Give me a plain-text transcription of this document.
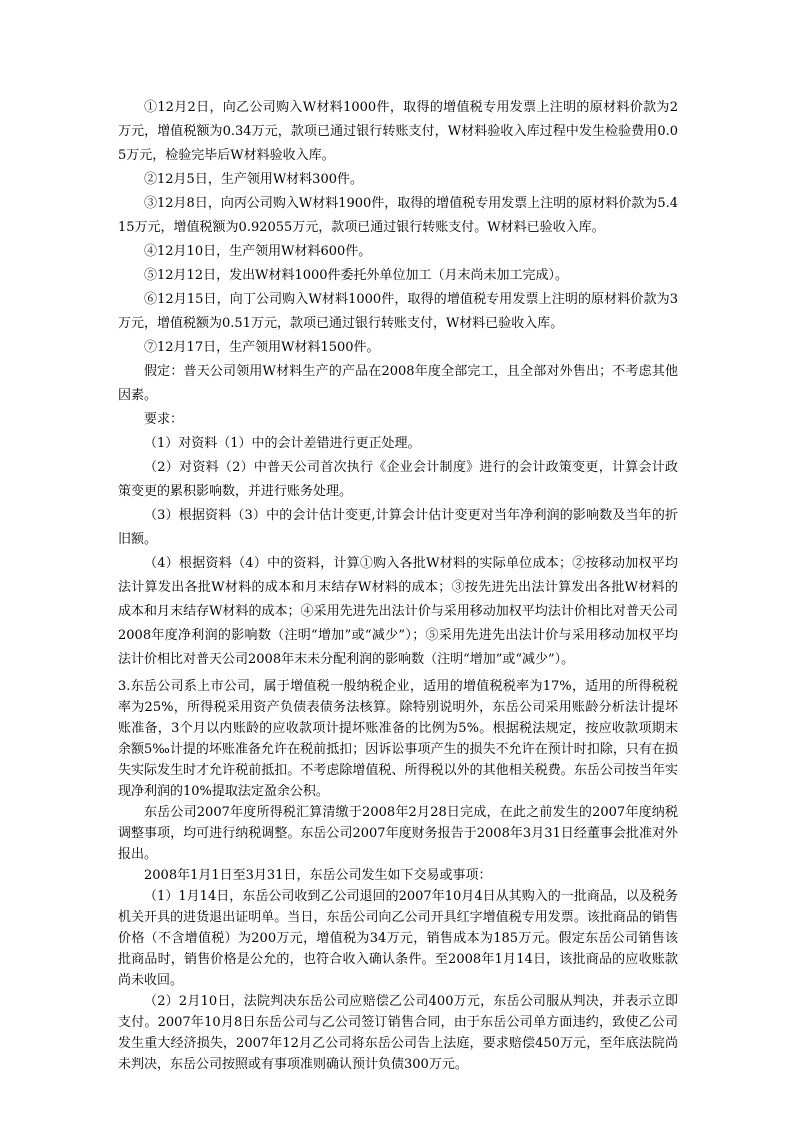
①12月2日，向乙公司购入W材料1000件，取得的增值税专用发票上注明的原材料价款为2万元，增值税额为0.34万元，款项已通过银行转账支付，W材料验收入库过程中发生检验费用0.05万元，检验完毕后W材料验收入库。

②12月5日，生产领用W材料300件。

③12月8日，向丙公司购入W材料1900件，取得的增值税专用发票上注明的原材料价款为5.415万元，增值税额为0.92055万元，款项已通过银行转账支付。W材料已验收入库。

④12月10日，生产领用W材料600件。

⑤12月12日，发出W材料1000件委托外单位加工（月末尚未加工完成）。

⑥12月15日，向丁公司购入W材料1000件，取得的增值税专用发票上注明的原材料价款为3万元，增值税额为0.51万元，款项已通过银行转账支付，W材料已验收入库。

⑦12月17日，生产领用W材料1500件。

假定：普天公司领用W材料生产的产品在2008年度全部完工，且全部对外售出；不考虑其他因素。

要求：

（1）对资料（1）中的会计差错进行更正处理。

（2）对资料（2）中普天公司首次执行《企业会计制度》进行的会计政策变更，计算会计政策变更的累积影响数，并进行账务处理。

（3）根据资料（3）中的会计估计变更,计算会计估计变更对当年净利润的影响数及当年的折旧额。

（4）根据资料（4）中的资料，计算①购入各批W材料的实际单位成本；②按移动加权平均法计算发出各批W材料的成本和月末结存W材料的成本；③按先进先出法计算发出各批W材料的成本和月末结存W材料的成本；④采用先进先出法计价与采用移动加权平均法计价相比对普天公司2008年度净利润的影响数（注明“增加”或“减少”）；⑤采用先进先出法计价与采用移动加权平均法计价相比对普天公司2008年末未分配利润的影响数（注明“增加”或“减少”）。

3.东岳公司系上市公司，属于增值税一般纳税企业，适用的增值税税率为17%，适用的所得税税率为25%，所得税采用资产负债表债务法核算。除特别说明外，东岳公司采用账龄分析法计提坏账准备，3个月以内账龄的应收款项计提坏账准备的比例为5%。根据税法规定，按应收款项期末余额5‰计提的坏账准备允许在税前抵扣；因诉讼事项产生的损失不允许在预计时扣除，只有在损失实际发生时才允许税前抵扣。不考虑除增值税、所得税以外的其他相关税费。东岳公司按当年实现净利润的10%提取法定盈余公积。

东岳公司2007年度所得税汇算清缴于2008年2月28日完成，在此之前发生的2007年度纳税调整事项，均可进行纳税调整。东岳公司2007年度财务报告于2008年3月31日经董事会批准对外报出。

2008年1月1日至3月31日，东岳公司发生如下交易或事项：

（1）1月14日，东岳公司收到乙公司退回的2007年10月4日从其购入的一批商品，以及税务机关开具的进货退出证明单。当日，东岳公司向乙公司开具红字增值税专用发票。该批商品的销售价格（不含增值税）为200万元，增值税为34万元，销售成本为185万元。假定东岳公司销售该批商品时，销售价格是公允的，也符合收入确认条件。至2008年1月14日，该批商品的应收账款尚未收回。

（2）2月10日，法院判决东岳公司应赔偿乙公司400万元，东岳公司服从判决，并表示立即支付。2007年10月8日东岳公司与乙公司签订销售合同，由于东岳公司单方面违约，致使乙公司发生重大经济损失，2007年12月乙公司将东岳公司告上法庭，要求赔偿450万元，至年底法院尚未判决，东岳公司按照或有事项准则确认预计负债300万元。
